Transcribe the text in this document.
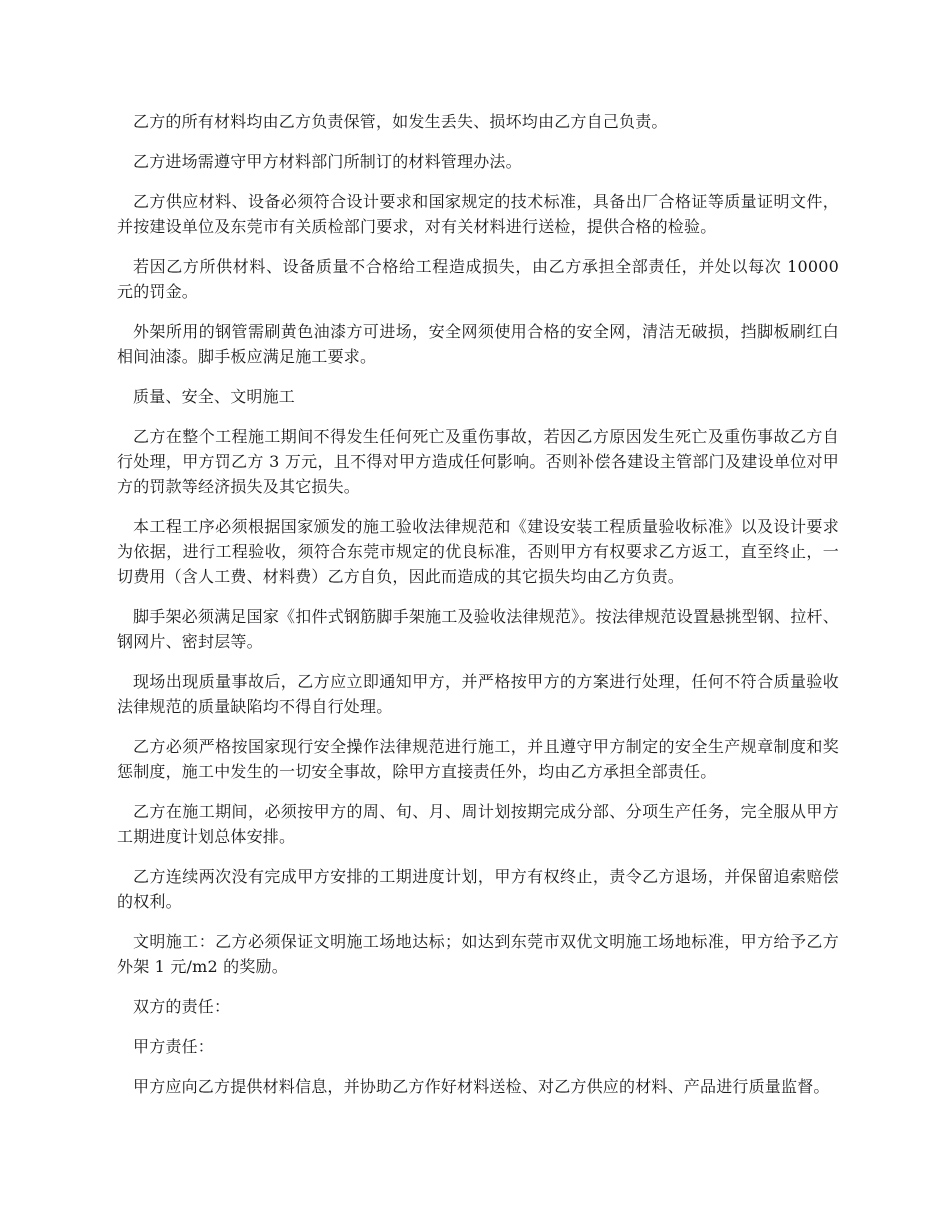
乙方的所有材料均由乙方负责保管，如发生丢失、损坏均由乙方自己负责。

乙方进场需遵守甲方材料部门所制订的材料管理办法。

乙方供应材料、设备必须符合设计要求和国家规定的技术标准，具备出厂合格证等质量证明文件，并按建设单位及东莞市有关质检部门要求，对有关材料进行送检，提供合格的检验。

若因乙方所供材料、设备质量不合格给工程造成损失，由乙方承担全部责任，并处以每次 10000 元的罚金。

外架所用的钢管需刷黄色油漆方可进场，安全网须使用合格的安全网，清洁无破损，挡脚板刷红白相间油漆。脚手板应满足施工要求。

质量、安全、文明施工

乙方在整个工程施工期间不得发生任何死亡及重伤事故，若因乙方原因发生死亡及重伤事故乙方自行处理，甲方罚乙方 3 万元，且不得对甲方造成任何影响。否则补偿各建设主管部门及建设单位对甲方的罚款等经济损失及其它损失。

本工程工序必须根据国家颁发的施工验收法律规范和《建设安装工程质量验收标准》以及设计要求为依据，进行工程验收，须符合东莞市规定的优良标准，否则甲方有权要求乙方返工，直至终止，一切费用（含人工费、材料费）乙方自负，因此而造成的其它损失均由乙方负责。

脚手架必须满足国家《扣件式钢筋脚手架施工及验收法律规范》。按法律规范设置悬挑型钢、拉杆、钢网片、密封层等。

现场出现质量事故后，乙方应立即通知甲方，并严格按甲方的方案进行处理，任何不符合质量验收法律规范的质量缺陷均不得自行处理。

乙方必须严格按国家现行安全操作法律规范进行施工，并且遵守甲方制定的安全生产规章制度和奖惩制度，施工中发生的一切安全事故，除甲方直接责任外，均由乙方承担全部责任。

乙方在施工期间，必须按甲方的周、旬、月、周计划按期完成分部、分项生产任务，完全服从甲方工期进度计划总体安排。

乙方连续两次没有完成甲方安排的工期进度计划，甲方有权终止，责令乙方退场，并保留追索赔偿的权利。

文明施工：乙方必须保证文明施工场地达标；如达到东莞市双优文明施工场地标准，甲方给予乙方外架 1 元/m2 的奖励。

双方的责任：

甲方责任：

甲方应向乙方提供材料信息，并协助乙方作好材料送检、对乙方供应的材料、产品进行质量监督。
